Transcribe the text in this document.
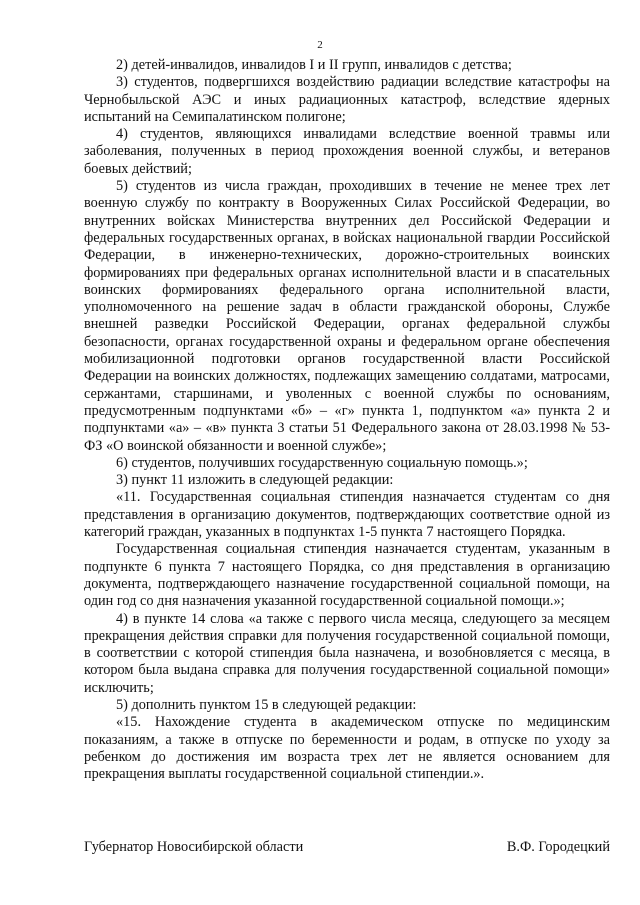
2

2) детей-инвалидов, инвалидов I и II групп, инвалидов с детства;

3) студентов, подвергшихся воздействию радиации вследствие катастрофы на Чернобыльской АЭС и иных радиационных катастроф, вследствие ядерных испытаний на Семипалатинском полигоне;

4) студентов, являющихся инвалидами вследствие военной травмы или заболевания, полученных в период прохождения военной службы, и ветеранов боевых действий;

5) студентов из числа граждан, проходивших в течение не менее трех лет военную службу по контракту в Вооруженных Силах Российской Федерации, во внутренних войсках Министерства внутренних дел Российской Федерации и федеральных государственных органах, в войсках национальной гвардии Российской Федерации, в инженерно-технических, дорожно-строительных воинских формированиях при федеральных органах исполнительной власти и в спасательных воинских формированиях федерального органа исполнительной власти, уполномоченного на решение задач в области гражданской обороны, Службе внешней разведки Российской Федерации, органах федеральной службы безопасности, органах государственной охраны и федеральном органе обеспечения мобилизационной подготовки органов государственной власти Российской Федерации на воинских должностях, подлежащих замещению солдатами, матросами, сержантами, старшинами, и уволенных с военной службы по основаниям, предусмотренным подпунктами «б» – «г» пункта 1, подпунктом «а» пункта 2 и подпунктами «а» – «в» пункта 3 статьи 51 Федерального закона от 28.03.1998 № 53-ФЗ «О воинской обязанности и военной службе»;

6) студентов, получивших государственную социальную помощь.»;

3) пункт 11 изложить в следующей редакции:

«11. Государственная социальная стипендия назначается студентам со дня представления в организацию документов, подтверждающих соответствие одной из категорий граждан, указанных в подпунктах 1-5 пункта 7 настоящего Порядка.

Государственная социальная стипендия назначается студентам, указанным в подпункте 6 пункта 7 настоящего Порядка, со дня представления в организацию документа, подтверждающего назначение государственной социальной помощи, на один год со дня назначения указанной государственной социальной помощи.»;

4) в пункте 14 слова «а также с первого числа месяца, следующего за месяцем прекращения действия справки для получения государственной социальной помощи, в соответствии с которой стипендия была назначена, и возобновляется с месяца, в котором была выдана справка для получения государственной социальной помощи» исключить;

5) дополнить пунктом 15 в следующей редакции:

«15. Нахождение студента в академическом отпуске по медицинским показаниям, а также в отпуске по беременности и родам, в отпуске по уходу за ребенком до достижения им возраста трех лет не является основанием для прекращения выплаты государственной социальной стипендии.».

Губернатор Новосибирской области	В.Ф. Городецкий
